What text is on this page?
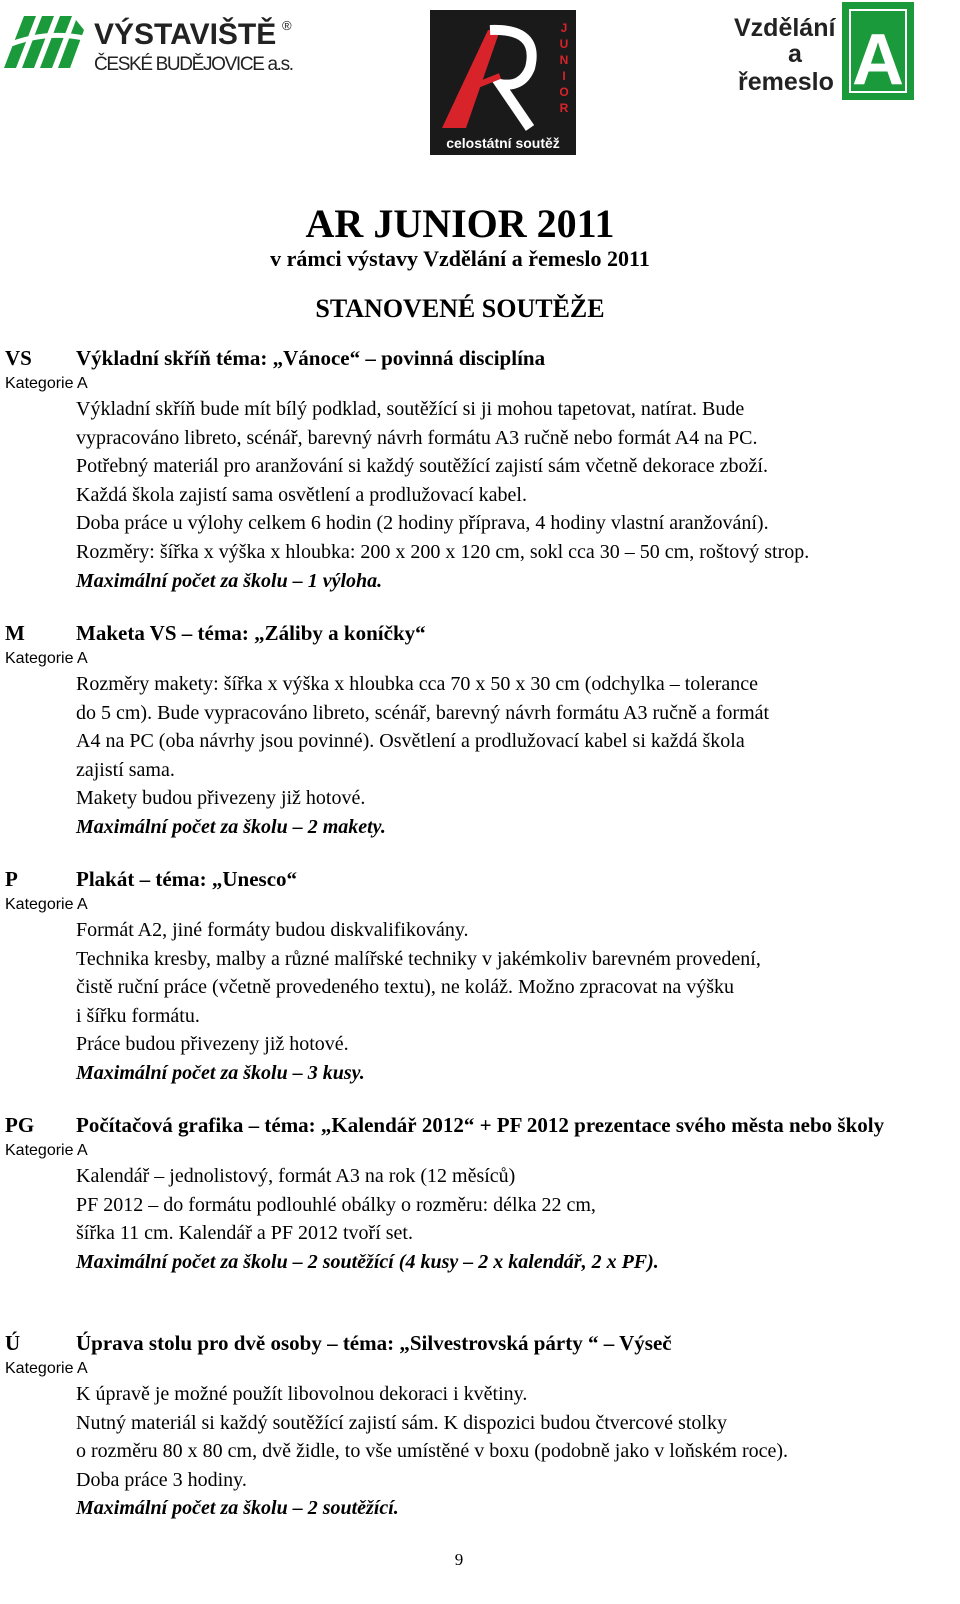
VÝSTAVIŠTĚ ®
ČESKÉ BUDĚJOVICE a.s.
J
U
N
I
O
R
celostátní soutěž
Vzdělání
a
řemeslo A
AR JUNIOR 2011
v rámci výstavy Vzdělání a řemeslo 2011
STANOVENÉ SOUTĚŽE
VS Výkladní skříň téma: „Vánoce“ – povinná disciplína
Kategorie A
Výkladní skříň bude mít bílý podklad, soutěžící si ji mohou tapetovat, natírat. Bude
vypracováno libreto, scénář, barevný návrh formátu A3 ručně nebo formát A4 na PC.
Potřebný materiál pro aranžování si každý soutěžící zajistí sám včetně dekorace zboží.
Každá škola zajistí sama osvětlení a prodlužovací kabel.
Doba práce u výlohy celkem 6 hodin (2 hodiny příprava, 4 hodiny vlastní aranžování).
Rozměry: šířka x výška x hloubka: 200 x 200 x 120 cm, sokl cca 30 – 50 cm, roštový strop.
Maximální počet za školu – 1 výloha.
M Maketa VS – téma: „Záliby a koníčky“
Kategorie A
Rozměry makety: šířka x výška x hloubka cca 70 x 50 x 30 cm (odchylka – tolerance
do 5 cm). Bude vypracováno libreto, scénář, barevný návrh formátu A3 ručně a formát
A4 na PC (oba návrhy jsou povinné). Osvětlení a prodlužovací kabel si každá škola
zajistí sama.
Makety budou přivezeny již hotové.
Maximální počet za školu – 2 makety.
P	Plakát – téma: „Unesco“
Kategorie A
Formát A2, jiné formáty budou diskvalifikovány.
Technika kresby, malby a různé malířské techniky v jakémkoliv barevném provedení,
čistě ruční práce (včetně provedeného textu), ne koláž. Možno zpracovat na výšku
i šířku formátu.
Práce budou přivezeny již hotové.
Maximální počet za školu – 3 kusy.
PG Počítačová grafika – téma: „Kalendář 2012“ + PF 2012 prezentace svého města nebo školy
Kategorie A
Kalendář – jednolistový, formát A3 na rok (12 měsíců)
PF 2012 – do formátu podlouhlé obálky o rozměru: délka 22 cm,
šířka 11 cm. Kalendář a PF 2012 tvoří set.
Maximální počet za školu – 2 soutěžící (4 kusy – 2 x kalendář, 2 x PF).
Ú	Úprava stolu pro dvě osoby – téma: „Silvestrovská párty “ – Výseč
Kategorie A
K úpravě je možné použít libovolnou dekoraci i květiny.
Nutný materiál si každý soutěžící zajistí sám. K dispozici budou čtvercové stolky
o rozměru 80 x 80 cm, dvě židle, to vše umístěné v boxu (podobně jako v loňském roce).
Doba práce 3 hodiny.
Maximální počet za školu – 2 soutěžící.
9
